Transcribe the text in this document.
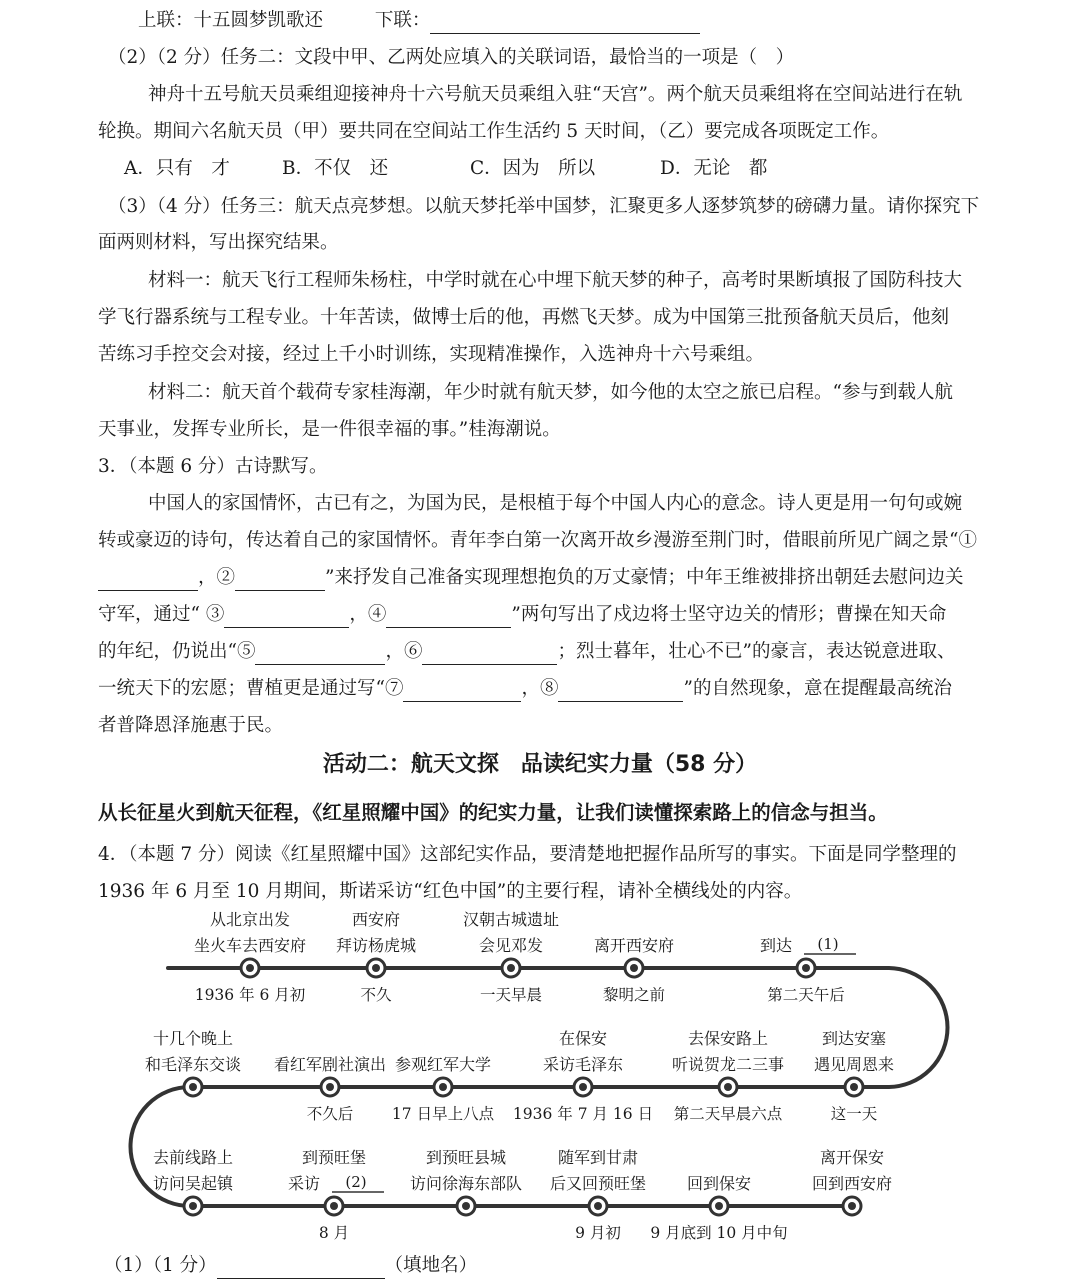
上联：十五圆梦凯歌还	下联：
（2）（2 分）任务二：文段中甲、乙两处应填入的关联词语，最恰当的一项是（　）
神舟十五号航天员乘组迎接神舟十六号航天员乘组入驻“天宫”。两个航天员乘组将在空间站进行在轨
轮换。期间六名航天员（甲）要共同在空间站工作生活约 5 天时间，（乙）要完成各项既定工作。
A．只有　才	B．不仅　还	C．因为　所以	D．无论　都
（3）（4 分）任务三：航天点亮梦想。以航天梦托举中国梦，汇聚更多人逐梦筑梦的磅礴力量。请你探究下
面两则材料，写出探究结果。
材料一：航天飞行工程师朱杨柱，中学时就在心中埋下航天梦的种子，高考时果断填报了国防科技大
学飞行器系统与工程专业。十年苦读，做博士后的他，再燃飞天梦。成为中国第三批预备航天员后，他刻
苦练习手控交会对接，经过上千小时训练，实现精准操作，入选神舟十六号乘组。
材料二：航天首个载荷专家桂海潮，年少时就有航天梦，如今他的太空之旅已启程。“参与到载人航
天事业，发挥专业所长，是一件很幸福的事。”桂海潮说。
3．（本题 6 分）古诗默写。
中国人的家国情怀，古已有之，为国为民，是根植于每个中国人内心的意念。诗人更是用一句句或婉
转或豪迈的诗句，传达着自己的家国情怀。青年李白第一次离开故乡漫游至荆门时，借眼前所见广阔之景“①
，②	”来抒发自己准备实现理想抱负的万丈豪情；中年王维被排挤出朝廷去慰问边关
守军，通过“ ③	，④	”两句写出了戍边将士坚守边关的情形；曹操在知天命
的年纪，仍说出“⑤	，⑥	；烈士暮年，壮心不已”的豪言，表达锐意进取、
一统天下的宏愿；曹植更是通过写“⑦	，⑧	”的自然现象，意在提醒最高统治
者普降恩泽施惠于民。
活动二：航天文探　品读纪实力量（58 分）
从长征星火到航天征程，《红星照耀中国》的纪实力量，让我们读懂探索路上的信念与担当。
4．（本题 7 分）阅读《红星照耀中国》这部纪实作品，要清楚地把握作品所写的事实。下面是同学整理的
1936 年 6 月至 10 月期间，斯诺采访“红色中国”的主要行程，请补全横线处的内容。
从北京出发
坐火车去西安府
1936 年 6 月初
西安府
拜访杨虎城
不久
汉朝古城遗址
会见邓发
一天早晨
离开西安府
黎明之前
到达 (1)
第二天午后
十几个晚上
和毛泽东交谈 看红军剧社演出
不久后
参观红军大学
17 日早上八点
在保安
采访毛泽东
1936 年 7 月 16 日
去保安路上
听说贺龙二三事
第二天早晨六点
到达安塞
遇见周恩来
这一天
去前线路上
访问吴起镇
到预旺堡
采访 (2)
8 月
到预旺县城
访问徐海东部队
随军到甘肃
后又回预旺堡
9 月初
回到保安
9 月底到 10 月中旬
离开保安
回到西安府
（1）（1 分）	（填地名）
